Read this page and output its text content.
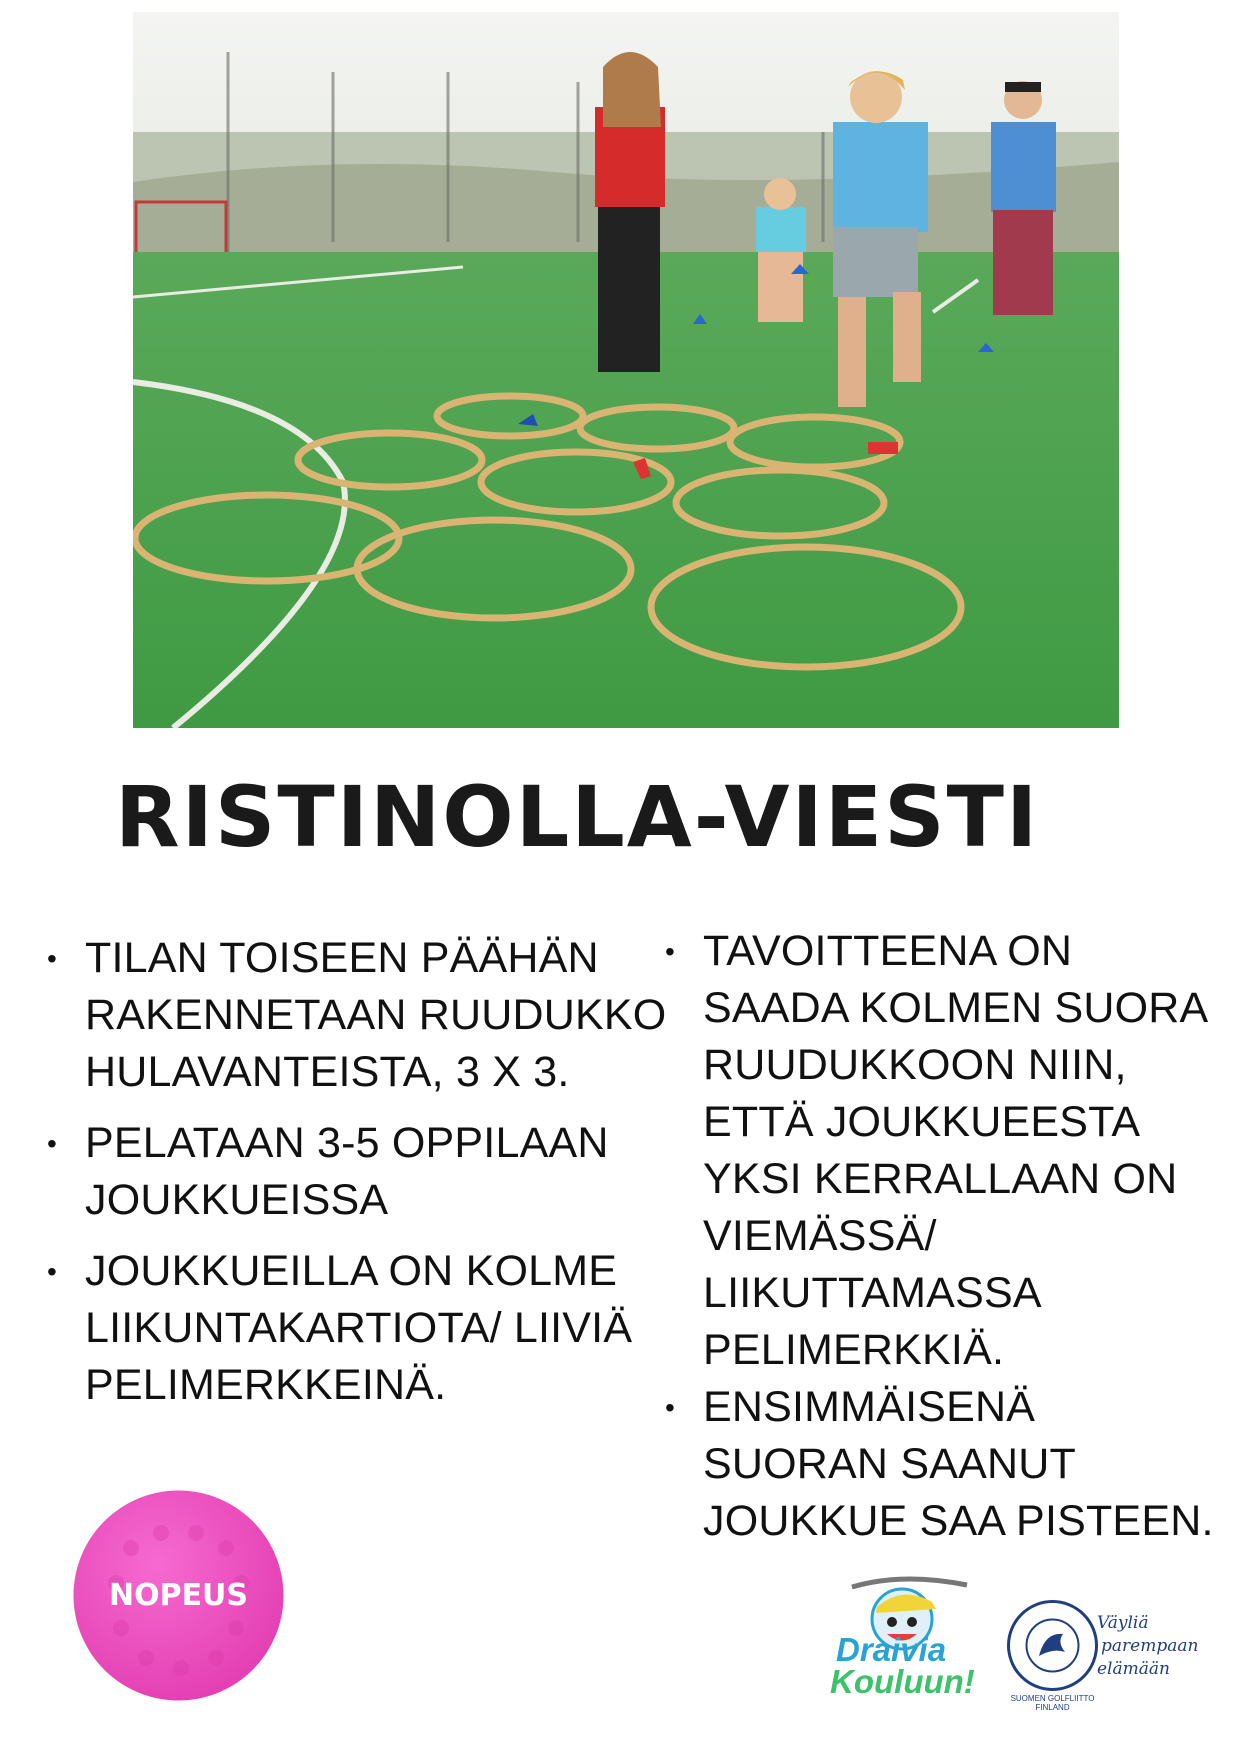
RISTINOLLA-VIESTI
• TILAN TOISEEN PÄÄHÄN RAKENNETAAN RUUDUKKO HULAVANTEISTA, 3 X 3.
• PELATAAN 3-5 OPPILAAN JOUKKUEISSA
• JOUKKUEILLA ON KOLME LIIKUNTAKARTIOTA/ LIIVIÄ PELIMERKKEINÄ.
• TAVOITTEENA ON SAADA KOLMEN SUORA RUUDUKKOON NIIN, ETTÄ JOUKKUEESTA YKSI KERRALLAAN ON VIEMÄSSÄ/ LIIKUTTAMASSA PELIMERKKIÄ.
• ENSIMMÄISENÄ SUORAN SAANUT JOUKKUE SAA PISTEEN.
NOPEUS
Draivia
Kouluun!	SUOMEN GOLFLIITTO FINLAND
Väyliä
parempaan
elämään
